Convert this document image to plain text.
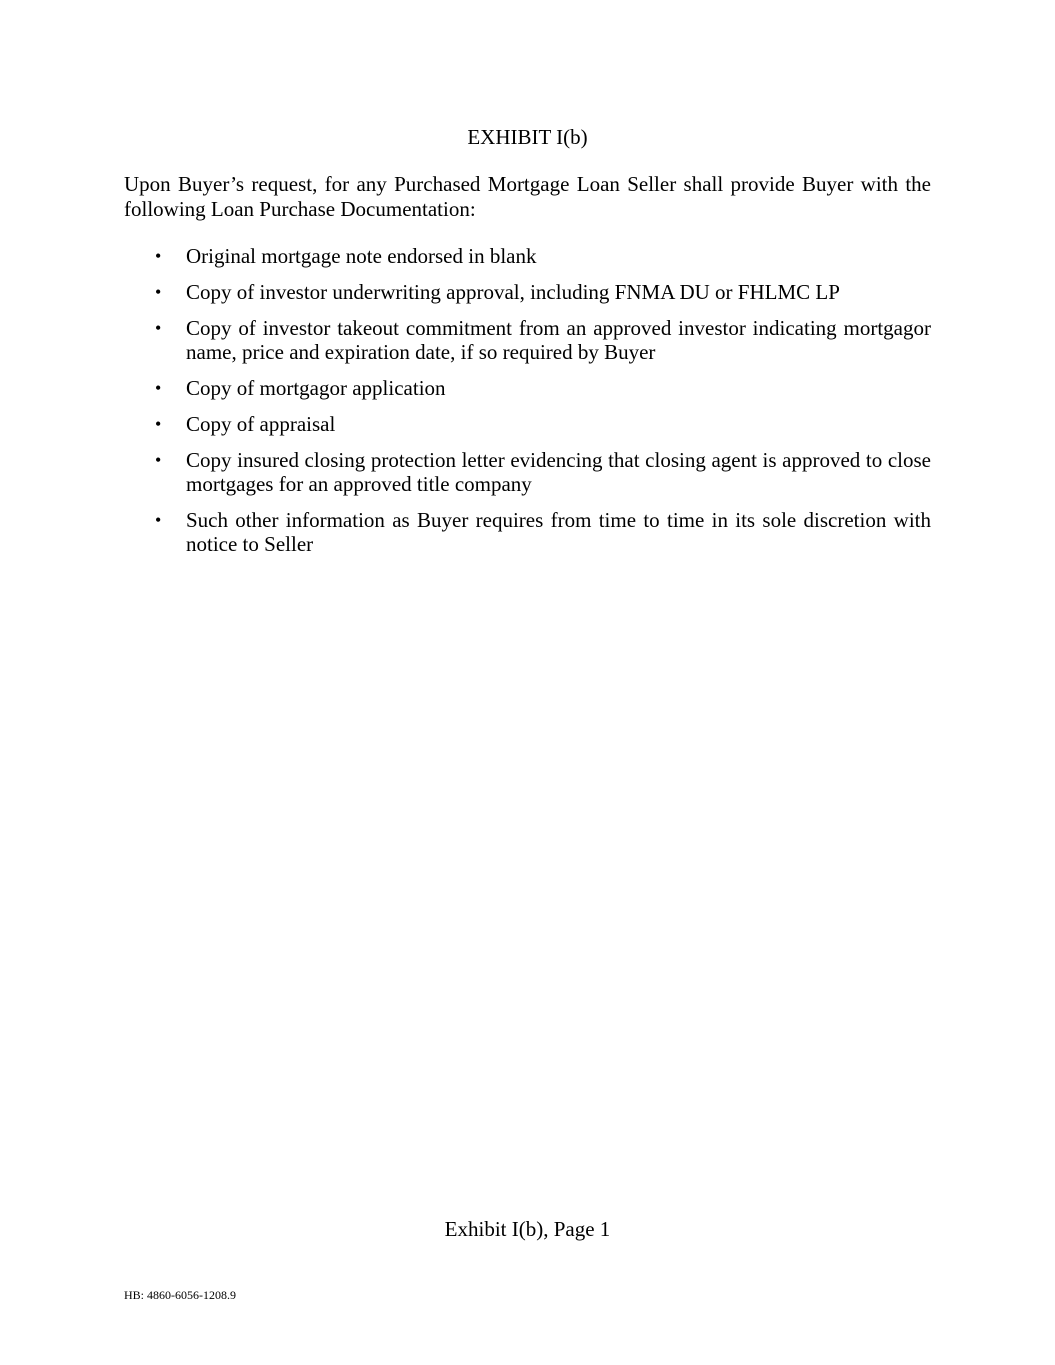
EXHIBIT I(b)

Upon Buyer’s request, for any Purchased Mortgage Loan Seller shall provide Buyer with the following Loan Purchase Documentation:

• Original mortgage note endorsed in blank
• Copy of investor underwriting approval, including FNMA DU or FHLMC LP
• Copy of investor takeout commitment from an approved investor indicating mortgagor name, price and expiration date, if so required by Buyer
• Copy of mortgagor application
• Copy of appraisal
• Copy insured closing protection letter evidencing that closing agent is approved to close mortgages for an approved title company
• Such other information as Buyer requires from time to time in its sole discretion with notice to Seller
Exhibit I(b), Page 1
HB: 4860-6056-1208.9
